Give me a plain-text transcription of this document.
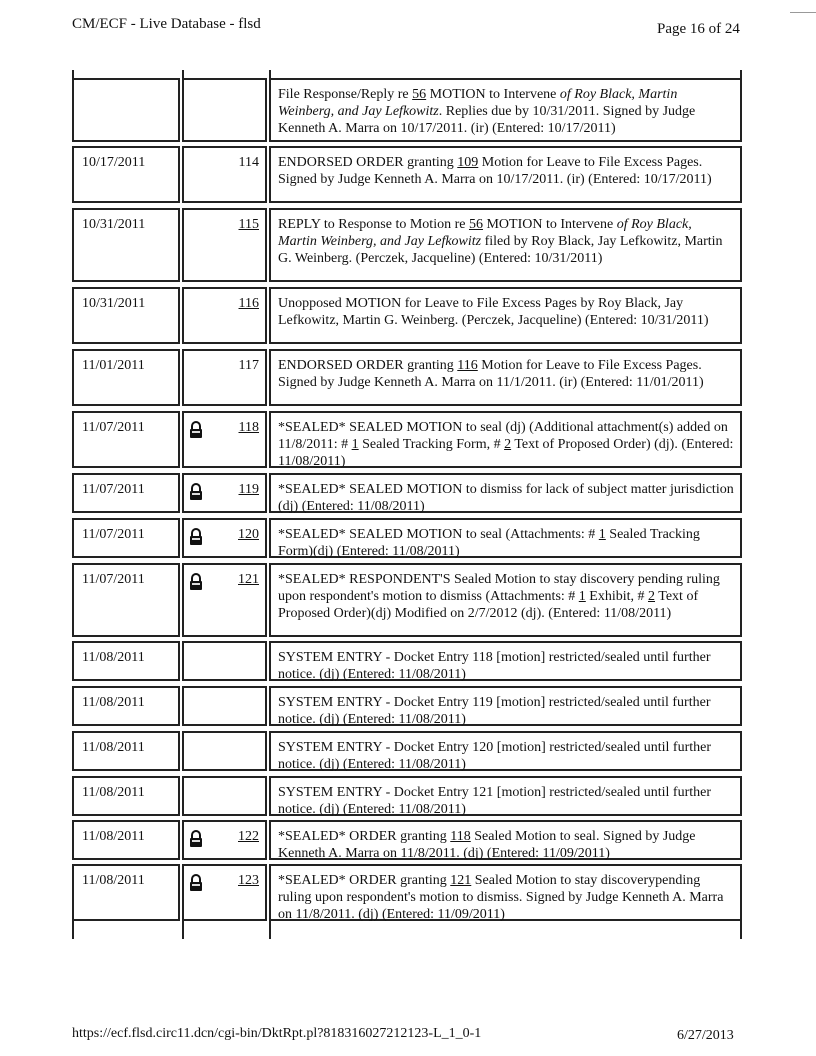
CM/ECF - Live Database - flsd	Page 16 of 24
File Response/Reply re 56 MOTION to Intervene of Roy Black, Martin Weinberg, and Jay Lefkowitz. Replies due by 10/31/2011. Signed by Judge Kenneth A. Marra on 10/17/2011. (ir) (Entered: 10/17/2011)
10/17/2011	114 ENDORSED ORDER granting 109 Motion for Leave to File Excess Pages. Signed by Judge Kenneth A. Marra on 10/17/2011. (ir) (Entered: 10/17/2011)
10/31/2011	115 REPLY to Response to Motion re 56 MOTION to Intervene of Roy Black, Martin Weinberg, and Jay Lefkowitz filed by Roy Black, Jay Lefkowitz, Martin G. Weinberg. (Perczek, Jacqueline) (Entered: 10/31/2011)
10/31/2011	116 Unopposed MOTION for Leave to File Excess Pages by Roy Black, Jay Lefkowitz, Martin G. Weinberg. (Perczek, Jacqueline) (Entered: 10/31/2011)
11/01/2011	117 ENDORSED ORDER granting 116 Motion for Leave to File Excess Pages. Signed by Judge Kenneth A. Marra on 11/1/2011. (ir) (Entered: 11/01/2011)
11/07/2011	118 *SEALED* SEALED MOTION to seal (dj) (Additional attachment(s) added on 11/8/2011: # 1 Sealed Tracking Form, # 2 Text of Proposed Order) (dj). (Entered: 11/08/2011)
11/07/2011	119 *SEALED* SEALED MOTION to dismiss for lack of subject matter jurisdiction (dj) (Entered: 11/08/2011)
11/07/2011	120 *SEALED* SEALED MOTION to seal (Attachments: # 1 Sealed Tracking Form)(dj) (Entered: 11/08/2011)
11/07/2011	121 *SEALED* RESPONDENT'S Sealed Motion to stay discovery pending ruling upon respondent's motion to dismiss (Attachments: # 1 Exhibit, # 2 Text of Proposed Order)(dj) Modified on 2/7/2012 (dj). (Entered: 11/08/2011)
11/08/2011	SYSTEM ENTRY - Docket Entry 118 [motion] restricted/sealed until further notice. (dj) (Entered: 11/08/2011)
11/08/2011	SYSTEM ENTRY - Docket Entry 119 [motion] restricted/sealed until further notice. (dj) (Entered: 11/08/2011)
11/08/2011	SYSTEM ENTRY - Docket Entry 120 [motion] restricted/sealed until further notice. (dj) (Entered: 11/08/2011)
11/08/2011	SYSTEM ENTRY - Docket Entry 121 [motion] restricted/sealed until further notice. (dj) (Entered: 11/08/2011)
11/08/2011	122 *SEALED* ORDER granting 118 Sealed Motion to seal. Signed by Judge Kenneth A. Marra on 11/8/2011. (dj) (Entered: 11/09/2011)
11/08/2011	123 *SEALED* ORDER granting 121 Sealed Motion to stay discoverypending ruling upon respondent's motion to dismiss. Signed by Judge Kenneth A. Marra on 11/8/2011. (dj) (Entered: 11/09/2011)
https://ecf.flsd.circ11.dcn/cgi-bin/DktRpt.pl?818316027212123-L_1_0-1	6/27/2013
